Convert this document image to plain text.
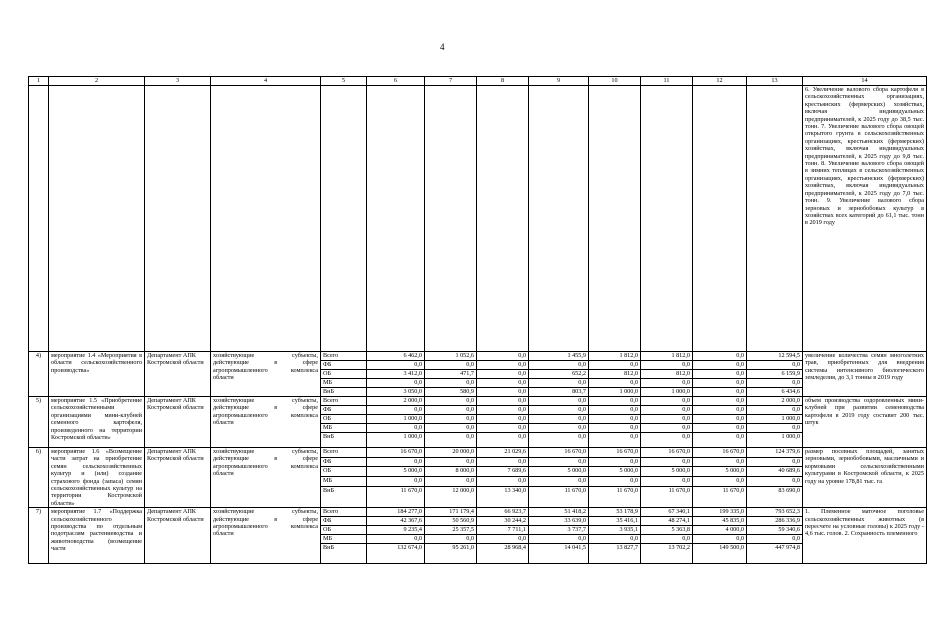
4
1	2	3	4	5	6	7	8	9	10	11	12	13	14
													6. Увеличение валового сбора картофеля в сельскохозяйственных организациях, крестьянских (фермерских) хозяйствах, включая индивидуальных предпринимателей, к 2025 году до 38,5 тыс. тонн. 7. Увеличение валового сбора овощей открытого грунта в сельскохозяйственных организациях, крестьянских (фермерских) хозяйствах, включая индивидуальных предпринимателей, к 2025 году до 9,8 тыс. тонн. 8. Увеличение валового сбора овощей в зимних теплицах в сельскохозяйственных организациях, крестьянских (фермерских) хозяйствах, включая индивидуальных предпринимателей, к 2025 году до 7,0 тыс. тонн. 9. Увеличение валового сбора зерновых и зернобобовых культур в хозяйствах всех категорий до 61,1 тыс. тонн в 2019 году
4)	мероприятие 1.4 «Мероприятия в области сельскохозяйственного производства»	Департамент АПК Костромской области	хозяйствующие субъекты, действующие в сфере агропромышленного комплекса области	Всего	6 462,0	1 052,6	0,0	1 455,9	1 812,0	1 812,0	0,0	12 594,5	увеличение количества семян многолетних трав, приобретенных для внедрения системы интенсивного биологического земледелия, до 3,1 тонны в 2019 году
				ФБ	0,0	0,0	0,0	0,0	0,0	0,0	0,0	0,0	
				ОБ	3 412,0	471,7	0,0	652,2	812,0	812,0	0,0	6 159,9	
				МБ	0,0	0,0	0,0	0,0	0,0	0,0	0,0	0,0	
				ВнБ	3 050,0	580,9	0,0	803,7	1 000,0	1 000,0	0,0	6 434,6	
5)	мероприятие 1.5 «Приобретение сельскохозяйственными организациями мини-клубней семенного картофеля, произведенного на территории Костромской области»	Департамент АПК Костромской области	хозяйствующие субъекты, действующие в сфере агропромышленного комплекса области	Всего	2 000,0	0,0	0,0	0,0	0,0	0,0	0,0	2 000,0	объем производства оздоровленных мини-клубней при развитии семеноводства картофеля в 2019 году составит 200 тыс. штук
				ФБ	0,0	0,0	0,0	0,0	0,0	0,0	0,0	0,0	
				ОБ	1 000,0	0,0	0,0	0,0	0,0	0,0	0,0	1 000,0	
				МБ	0,0	0,0	0,0	0,0	0,0	0,0	0,0	0,0	
				ВнБ	1 000,0	0,0	0,0	0,0	0,0	0,0	0,0	1 000,0	
6)	мероприятие 1.6 «Возмещение части затрат на приобретение семян сельскохозяйственных культур и (или) создание страхового фонда (запаса) семян сельскохозяйственных культур на территории Костромской области»	Департамент АПК Костромской области	хозяйствующие субъекты, действующие в сфере агропромышленного комплекса области	Всего	16 670,0	20 000,0	21 029,6	16 670,0	16 670,0	16 670,0	16 670,0	124 379,6	размер посевных площадей, занятых зерновыми, зернобобовыми, масличными и кормовыми сельскохозяйственными культурами в Костромской области, к 2025 году на уровне 178,81 тыс. га
				ФБ	0,0	0,0	0,0	0,0	0,0	0,0	0,0	0,0	
				ОБ	5 000,0	8 000,0	7 689,6	5 000,0	5 000,0	5 000,0	5 000,0	40 689,6	
				МБ	0,0	0,0	0,0	0,0	0,0	0,0	0,0	0,0	
				ВнБ	11 670,0	12 000,0	13 340,0	11 670,0	11 670,0	11 670,0	11 670,0	83 690,0	
7)	мероприятие 1.7 «Поддержка сельскохозяйственного производства по отдельным подотраслям растениеводства и животноводства (возмещение части	Департамент АПК Костромской области	хозяйствующие субъекты, действующие в сфере агропромышленного комплекса области	Всего	184 277,0	171 179,4	66 923,7	51 418,2	53 178,9	67 340,1	199 335,0	793 652,3	1. Племенное маточное поголовье сельскохозяйственных животных (в пересчете на условные головы) к 2025 году - 4,6 тыс. голов. 2. Сохранность племенного
				ФБ	42 367,6	50 560,9	30 244,2	33 639,0	35 416,1	48 274,1	45 835,0	286 336,9	
				ОБ	9 235,4	25 357,5	7 711,1	3 737,7	3 935,1	5 363,8	4 000,0	59 340,6	
				МБ	0,0	0,0	0,0	0,0	0,0	0,0	0,0	0,0	
				ВнБ	132 674,0	95 261,0	28 968,4	14 041,5	13 827,7	13 702,2	149 500,0	447 974,8	
